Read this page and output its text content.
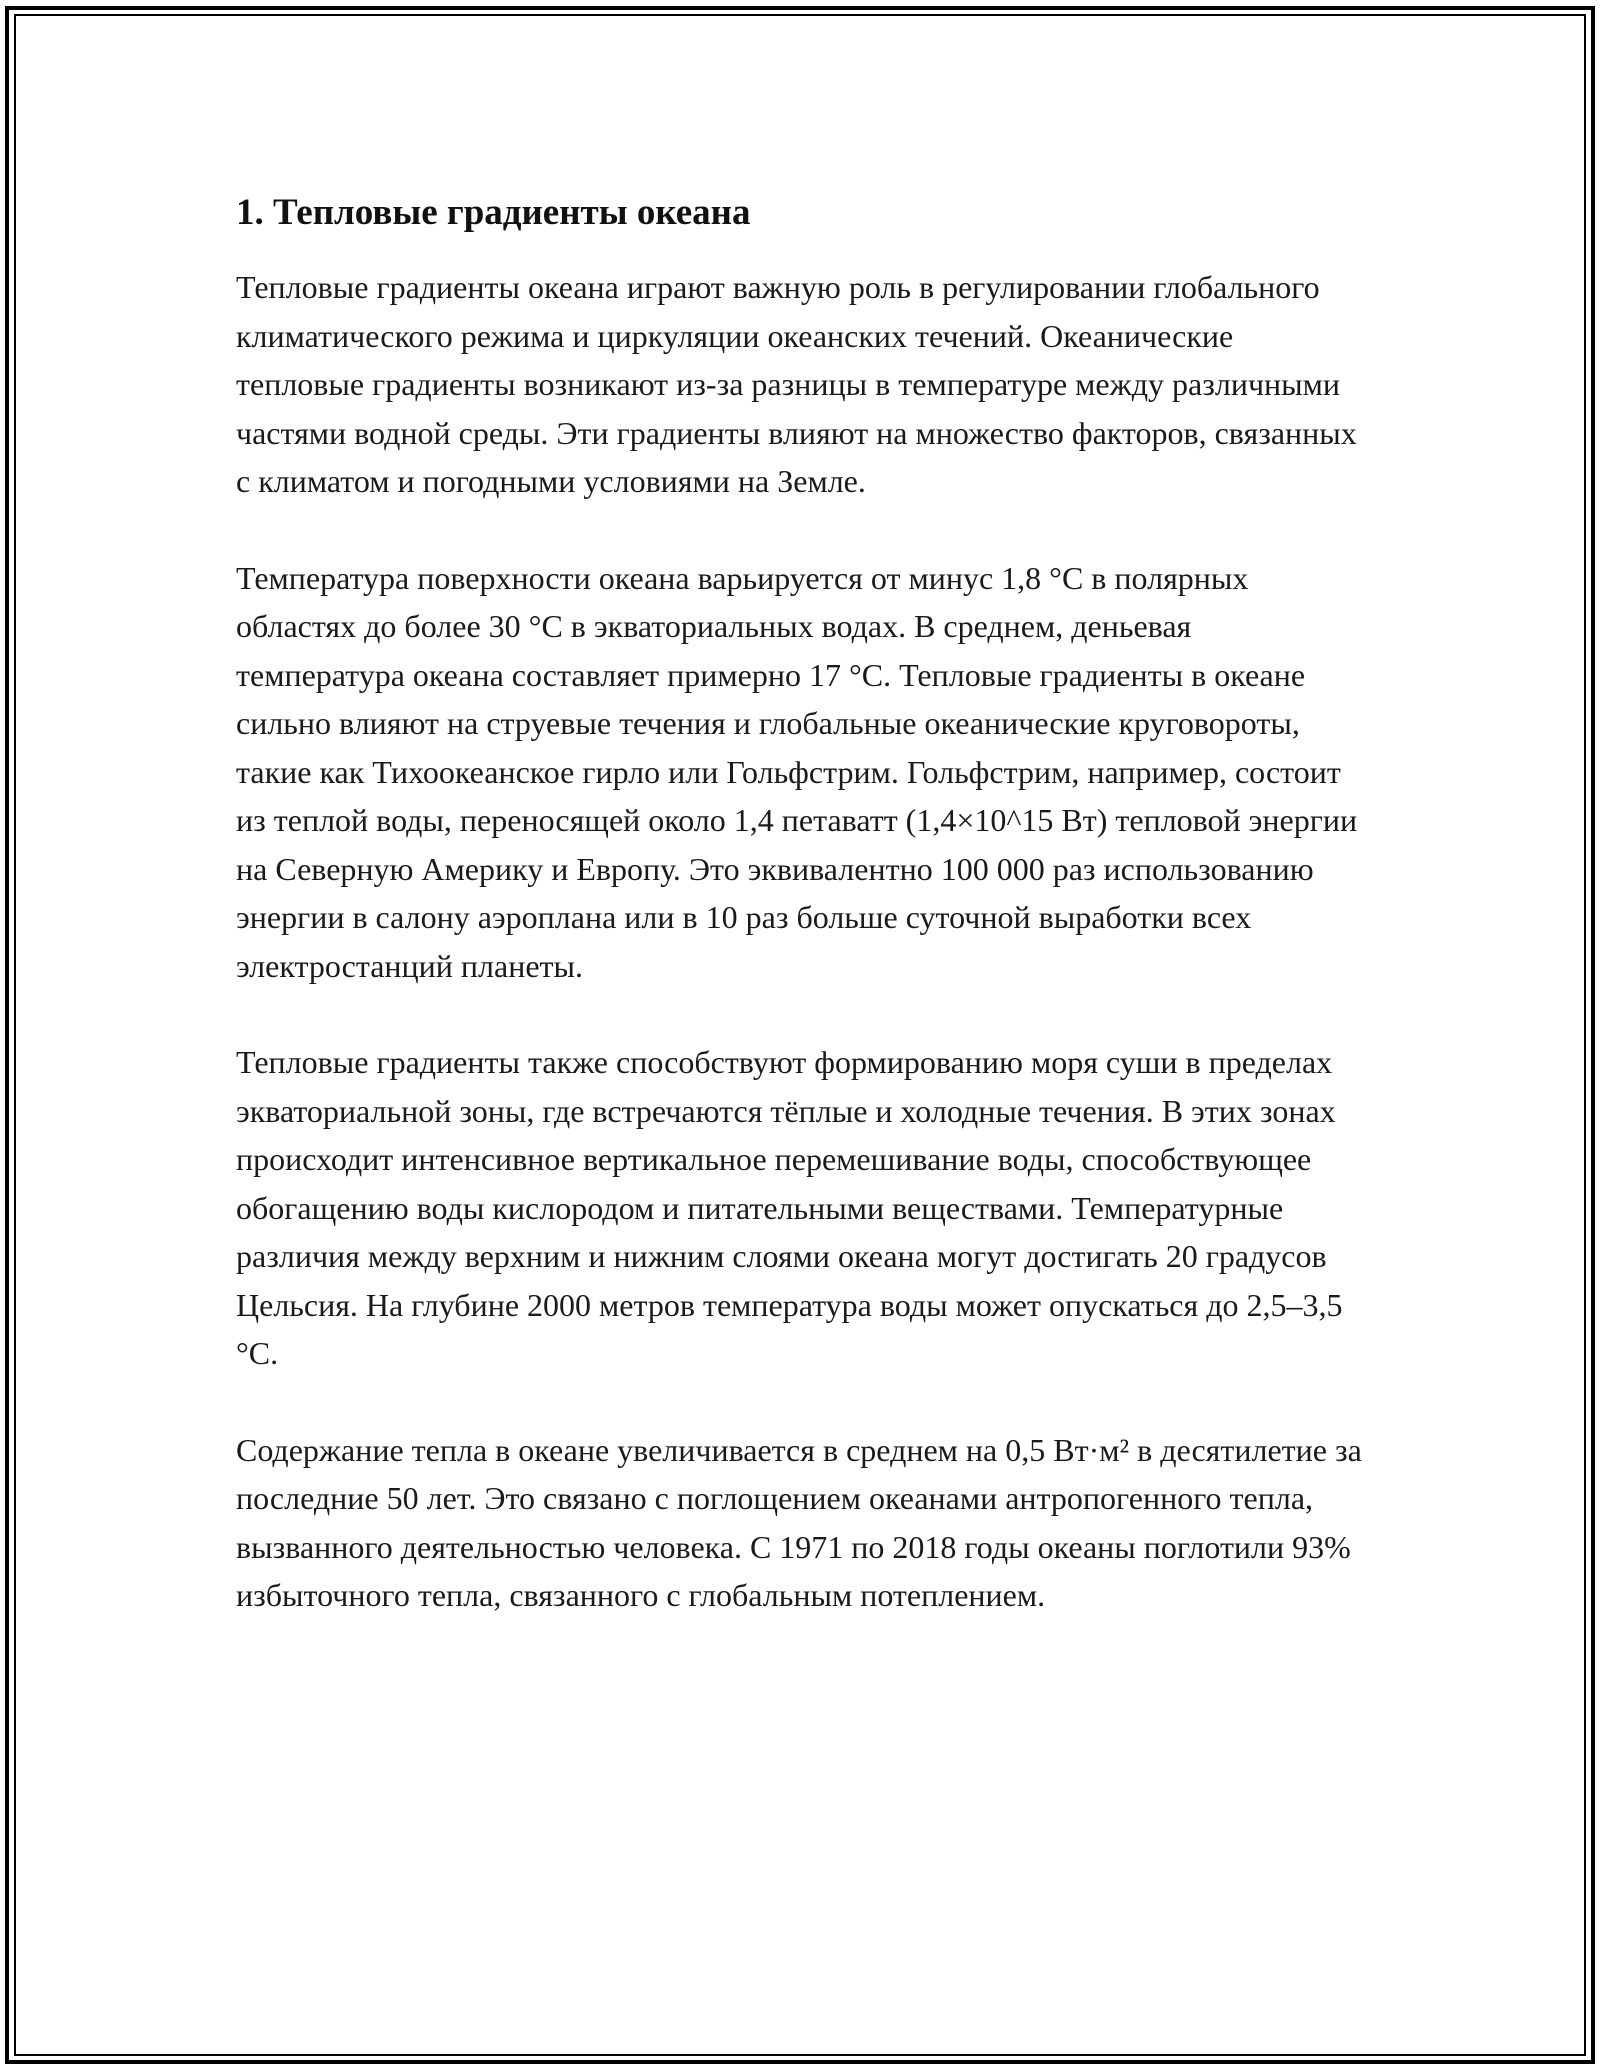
1. Тепловые градиенты океана

Тепловые градиенты океана играют важную роль в регулировании глобального климатического режима и циркуляции океанских течений. Океанические тепловые градиенты возникают из-за разницы в температуре между различными частями водной среды. Эти градиенты влияют на множество факторов, связанных с климатом и погодными условиями на Земле.

Температура поверхности океана варьируется от минус 1,8 °C в полярных областях до более 30 °C в экваториальных водах. В среднем, деньевая температура океана составляет примерно 17 °C. Тепловые градиенты в океане сильно влияют на струевые течения и глобальные океанические круговороты, такие как Тихоокеанское гирло или Гольфстрим. Гольфстрим, например, состоит из теплой воды, переносящей около 1,4 петаватт (1,4×10^15 Вт) тепловой энергии на Северную Америку и Европу. Это эквивалентно 100 000 раз использованию энергии в салону аэроплана или в 10 раз больше суточной выработки всех электростанций планеты.

Тепловые градиенты также способствуют формированию моря суши в пределах экваториальной зоны, где встречаются тёплые и холодные течения. В этих зонах происходит интенсивное вертикальное перемешивание воды, способствующее обогащению воды кислородом и питательными веществами. Температурные различия между верхним и нижним слоями океана могут достигать 20 градусов Цельсия. На глубине 2000 метров температура воды может опускаться до 2,5–3,5 °C.

Содержание тепла в океане увеличивается в среднем на 0,5 Вт·м² в десятилетие за последние 50 лет. Это связано с поглощением океанами антропогенного тепла, вызванного деятельностью человека. С 1971 по 2018 годы океаны поглотили 93% избыточного тепла, связанного с глобальным потеплением.
